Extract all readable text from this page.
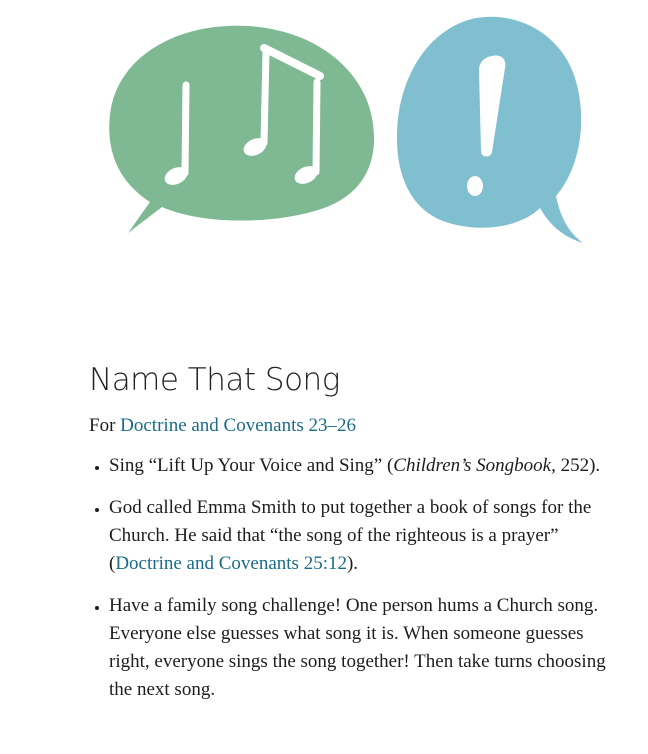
Name That Song

For Doctrine and Covenants 23–26

• Sing “Lift Up Your Voice and Sing” (Children’s Songbook, 252).
• God called Emma Smith to put together a book of songs for the Church. He said that “the song of the righteous is a prayer” (Doctrine and Covenants 25:12).
• Have a family song challenge! One person hums a Church song. Everyone else guesses what song it is. When someone guesses right, everyone sings the song together! Then take turns choosing the next song.
